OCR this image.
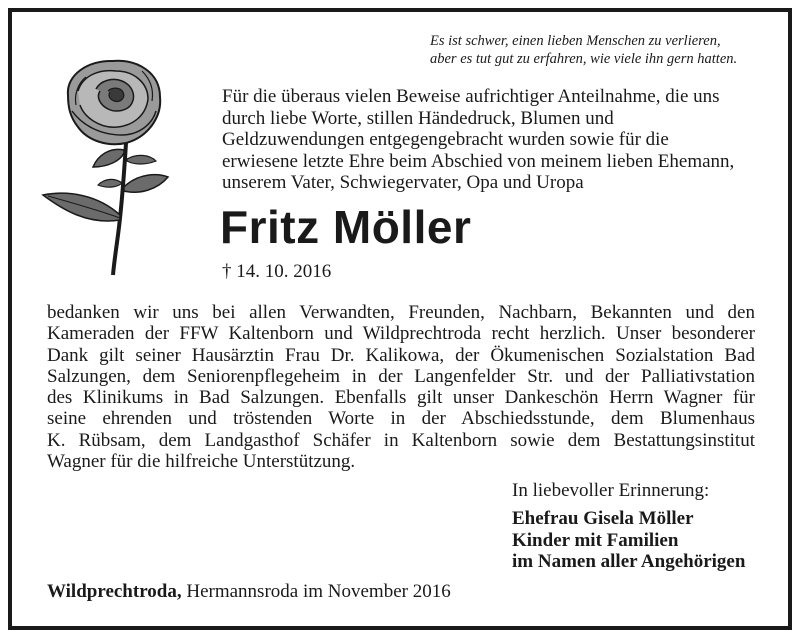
Es ist schwer, einen lieben Menschen zu verlieren,
aber es tut gut zu erfahren, wie viele ihn gern hatten.
Für die überaus vielen Beweise aufrichtiger Anteilnahme, die uns
durch liebe Worte, stillen Händedruck, Blumen und
Geldzuwendungen entgegengebracht wurden sowie für die
erwiesene letzte Ehre beim Abschied von meinem lieben Ehemann,
unserem Vater, Schwiegervater, Opa und Uropa
Fritz Möller
† 14. 10. 2016
bedanken wir uns bei allen Verwandten, Freunden, Nachbarn, Bekannten und den
Kameraden der FFW Kaltenborn und Wildprechtroda recht herzlich. Unser besonderer
Dank gilt seiner Hausärztin Frau Dr. Kalikowa, der Ökumenischen Sozialstation Bad
Salzungen, dem Seniorenpflegeheim in der Langenfelder Str. und der Palliativstation
des Klinikums in Bad Salzungen. Ebenfalls gilt unser Dankeschön Herrn Wagner für
seine ehrenden und tröstenden Worte in der Abschiedsstunde, dem Blumenhaus
K. Rübsam, dem Landgasthof Schäfer in Kaltenborn sowie dem Bestattungsinstitut
Wagner für die hilfreiche Unterstützung.
In liebevoller Erinnerung:
Ehefrau Gisela Möller
Kinder mit Familien
im Namen aller Angehörigen
Wildprechtroda, Hermannsroda im November 2016
